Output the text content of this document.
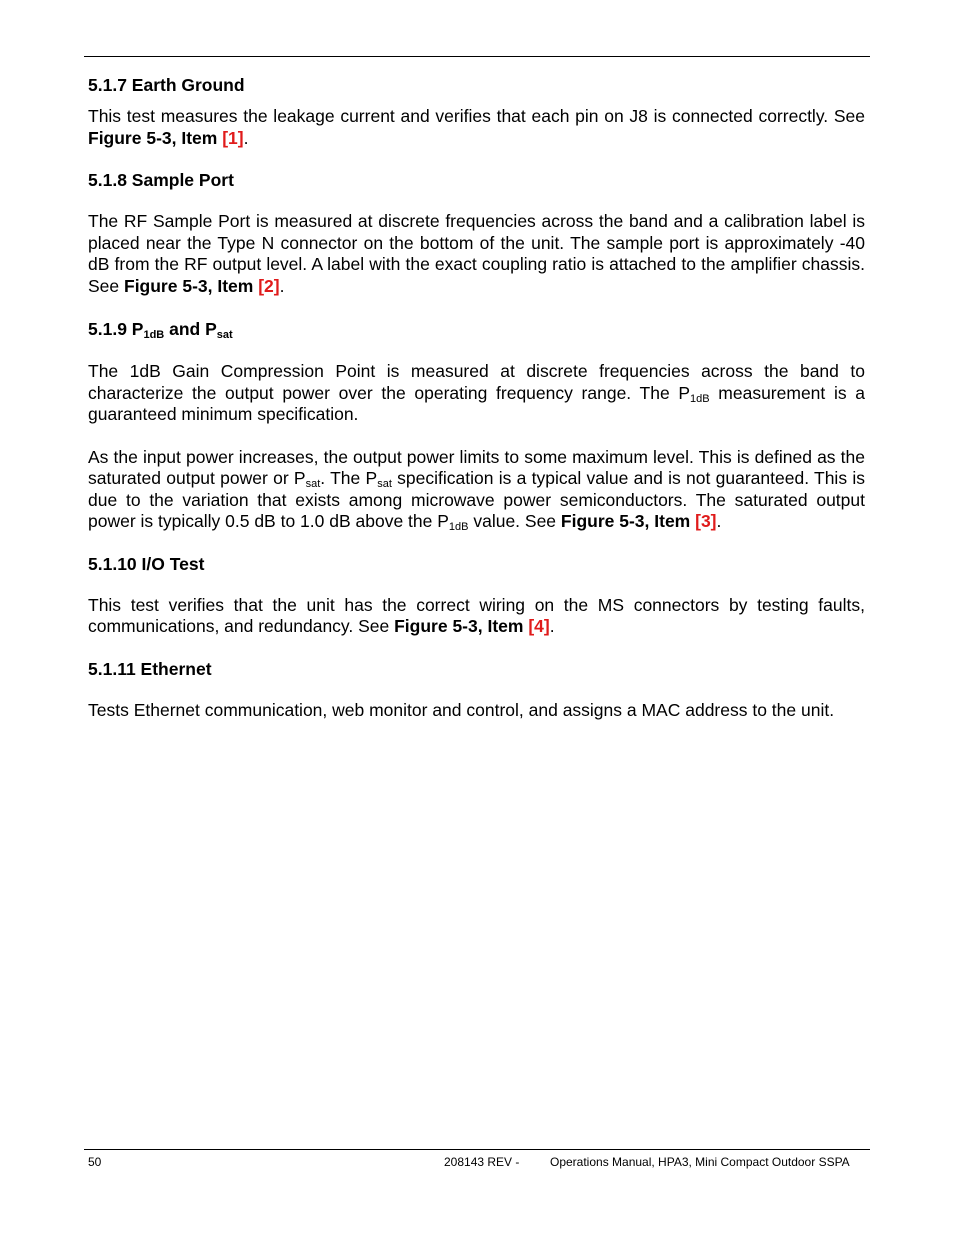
5.1.7 Earth Ground

This test measures the leakage current and verifies that each pin on J8 is connected correctly. See Figure 5-3, Item [1].

5.1.8 Sample Port

The RF Sample Port is measured at discrete frequencies across the band and a calibration label is placed near the Type N connector on the bottom of the unit. The sample port is approximately -40 dB from the RF output level. A label with the exact coupling ratio is attached to the amplifier chassis. See Figure 5-3, Item [2].

5.1.9 $P_{1dB}$ and $P_{sat}$

The 1dB Gain Compression Point is measured at discrete frequencies across the band to characterize the output power over the operating frequency range. The $P_{1dB}$ measurement is a guaranteed minimum specification.

As the input power increases, the output power limits to some maximum level. This is defined as the saturated output power or $P_{sat}$. The $P_{sat}$ specification is a typical value and is not guaranteed. This is due to the variation that exists among microwave power semiconductors. The saturated output power is typically 0.5 dB to 1.0 dB above the $P_{1dB}$ value. See Figure 5-3, Item [3].

5.1.10 I/O Test

This test verifies that the unit has the correct wiring on the MS connectors by testing faults, communications, and redundancy. See Figure 5-3, Item [4].

5.1.11 Ethernet

Tests Ethernet communication, web monitor and control, and assigns a MAC address to the unit.

50	208143 REV -	Operations Manual, HPA3, Mini Compact Outdoor SSPA
